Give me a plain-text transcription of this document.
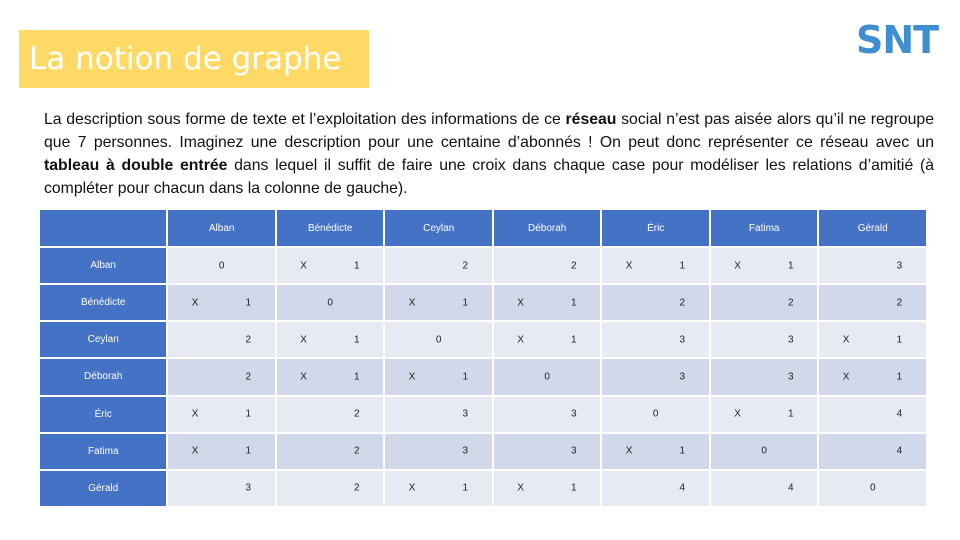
La notion de graphe	SNT

La description sous forme de texte et l’exploitation des informations de ce réseau social n’est pas aisée alors qu’il ne regroupe que 7 personnes. Imaginez une description pour une centaine d’abonnés ! On peut donc représenter ce réseau avec un tableau à double entrée dans lequel il suffit de faire une croix dans chaque case pour modéliser les relations d’amitié (à compléter pour chacun dans la colonne de gauche).

	Alban	Bénédicte	Ceylan	Déborah	Éric	Fatima	Gérald
Alban	0	X 1	2	2	X 1	X 1	3

Bénédicte	X 1	0	X 1	X 1	2	2	2

Ceylan	2	X 1	0	X 1	3	3	X 1

Déborah	2	X 1	X 1	0	3	3	X 1

Éric	X 1	2	3	3	0	X 1	4

Fatima	X 1	2	3	3	X 1	0	4

Gérald	3	2	X 1	X 1	4	4	0
